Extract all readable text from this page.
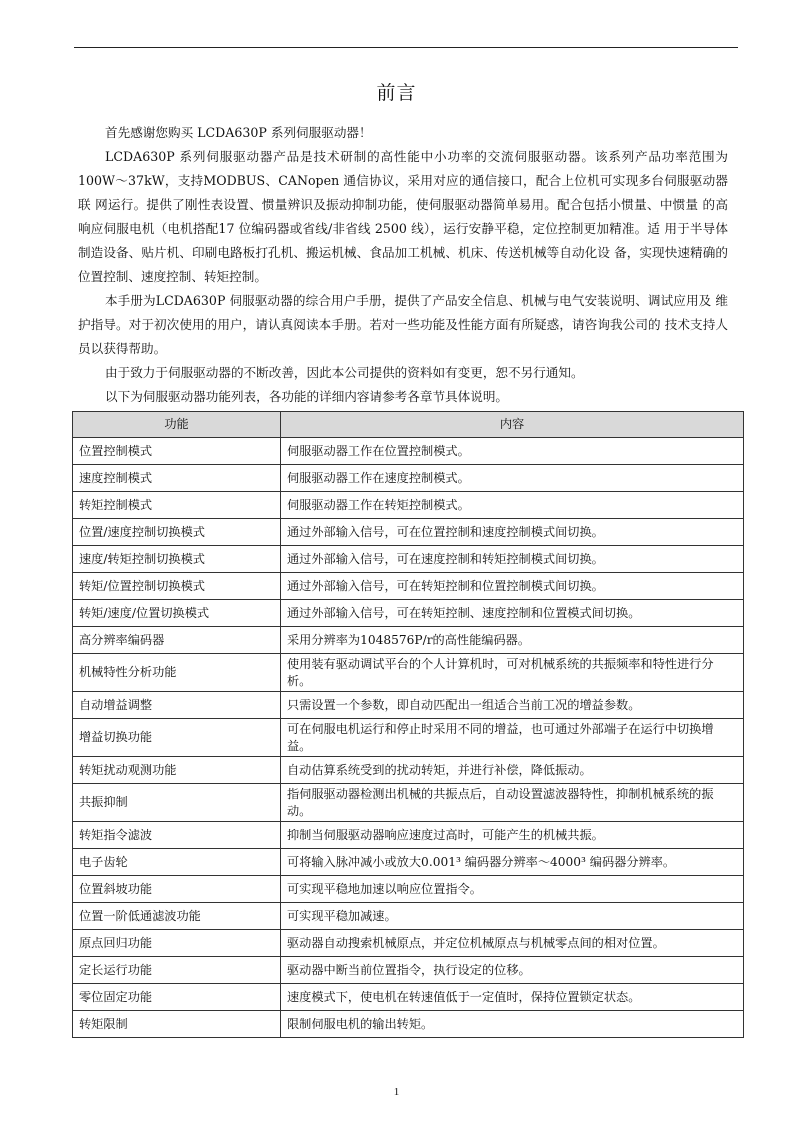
前言

首先感谢您购买 LCDA630P 系列伺服驱动器！

LCDA630P 系列伺服驱动器产品是技术研制的高性能中小功率的交流伺服驱动器。该系列产品功率范围为 100W～37kW，支持MODBUS、CANopen 通信协议，采用对应的通信接口，配合上位机可实现多台伺服驱动器联 网运行。提供了刚性表设置、惯量辨识及振动抑制功能，使伺服驱动器简单易用。配合包括小惯量、中惯量 的高响应伺服电机（电机搭配17 位编码器或省线/非省线 2500 线），运行安静平稳，定位控制更加精准。适 用于半导体制造设备、贴片机、印刷电路板打孔机、搬运机械、食品加工机械、机床、传送机械等自动化设 备，实现快速精确的位置控制、速度控制、转矩控制。

本手册为LCDA630P 伺服驱动器的综合用户手册，提供了产品安全信息、机械与电气安装说明、调试应用及 维护指导。对于初次使用的用户，请认真阅读本手册。若对一些功能及性能方面有所疑惑，请咨询我公司的 技术支持人员以获得帮助。

由于致力于伺服驱动器的不断改善，因此本公司提供的资料如有变更，恕不另行通知。

以下为伺服驱动器功能列表，各功能的详细内容请参考各章节具体说明。

功能	内容
位置控制模式	伺服驱动器工作在位置控制模式。
速度控制模式	伺服驱动器工作在速度控制模式。
转矩控制模式	伺服驱动器工作在转矩控制模式。
位置/速度控制切换模式	通过外部输入信号，可在位置控制和速度控制模式间切换。
速度/转矩控制切换模式	通过外部输入信号，可在速度控制和转矩控制模式间切换。
转矩/位置控制切换模式	通过外部输入信号，可在转矩控制和位置控制模式间切换。
转矩/速度/位置切换模式	通过外部输入信号，可在转矩控制、速度控制和位置模式间切换。
高分辨率编码器	采用分辨率为1048576P/r的高性能编码器。
机械特性分析功能	使用装有驱动调试平台的个人计算机时，可对机械系统的共振频率和特性进行分析。
自动增益调整	只需设置一个参数，即自动匹配出一组适合当前工况的增益参数。
增益切换功能	可在伺服电机运行和停止时采用不同的增益，也可通过外部端子在运行中切换增益。
转矩扰动观测功能	自动估算系统受到的扰动转矩，并进行补偿，降低振动。
共振抑制	指伺服驱动器检测出机械的共振点后，自动设置滤波器特性，抑制机械系统的振动。
转矩指令滤波	抑制当伺服驱动器响应速度过高时，可能产生的机械共振。
电子齿轮	可将输入脉冲减小或放大0.001³ 编码器分辨率～4000³ 编码器分辨率。
位置斜坡功能	可实现平稳地加速以响应位置指令。
位置一阶低通滤波功能	可实现平稳加减速。
原点回归功能	驱动器自动搜索机械原点，并定位机械原点与机械零点间的相对位置。
定长运行功能	驱动器中断当前位置指令，执行设定的位移。
零位固定功能	速度模式下，使电机在转速值低于一定值时，保持位置锁定状态。
转矩限制	限制伺服电机的输出转矩。
1
